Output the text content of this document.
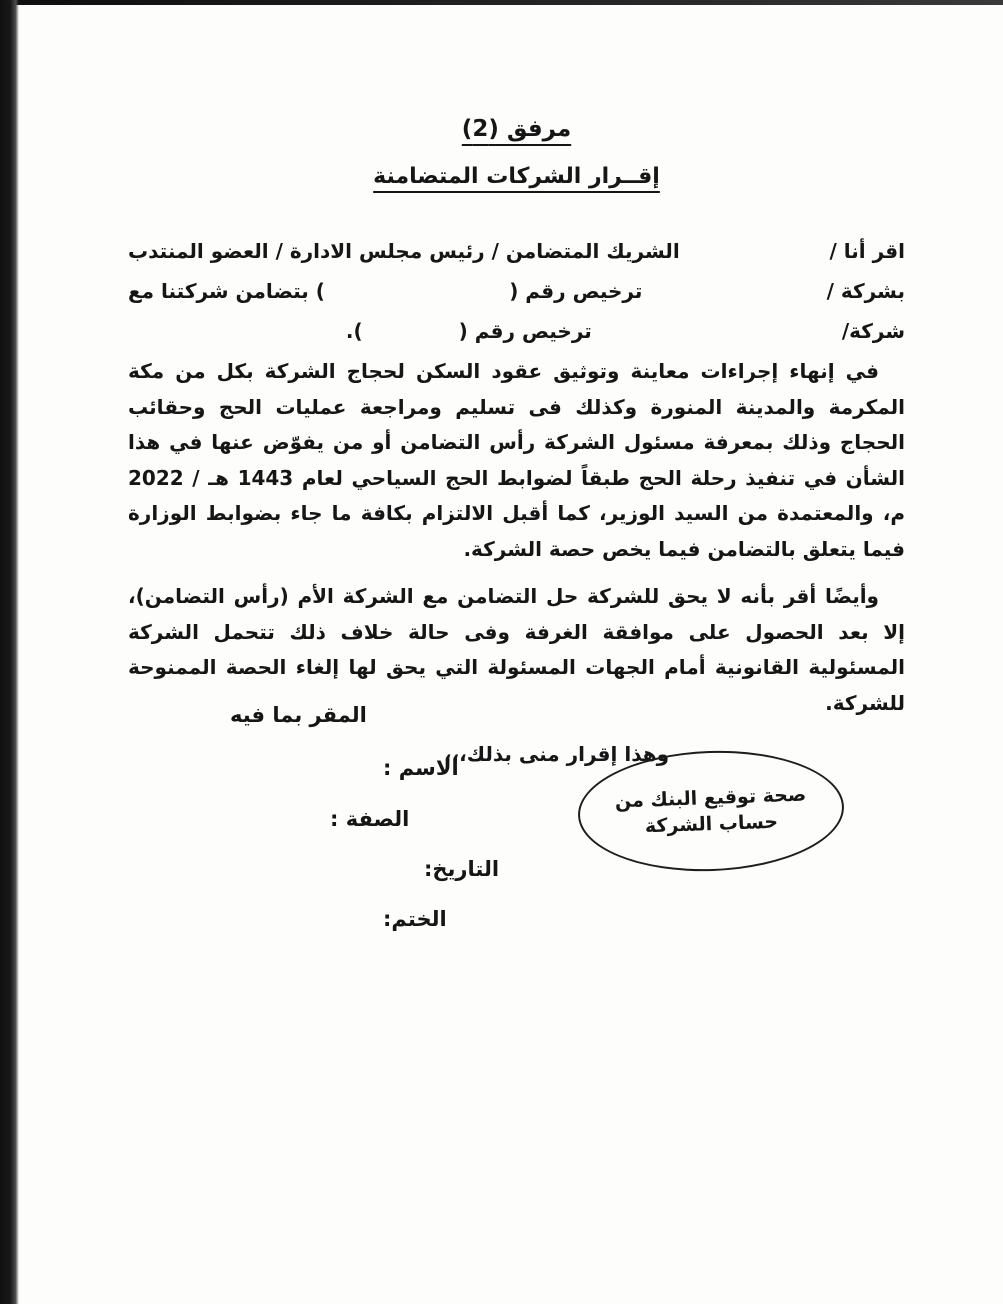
مرفق (2)
إقــرار الشركات المتضامنة
اقر أنا /
الشريك المتضامن / رئيس مجلس الادارة / العضو المنتدب
بشركة /
ترخيص رقم (
) بتضامن شركتنا مع
شركة/
ترخيص رقم (
).

في إنهاء إجراءات معاينة وتوثيق عقود السكن لحجاج الشركة بكل من مكة المكرمة والمدينة المنورة وكذلك فى تسليم ومراجعة عمليات الحج وحقائب الحجاج وذلك بمعرفة مسئول الشركة رأس التضامن أو من يفوّض عنها في هذا الشأن في تنفيذ رحلة الحج طبقاً لضوابط الحج السياحي لعام 1443 هـ / 2022 م، والمعتمدة من السيد الوزير، كما أقبل الالتزام بكافة ما جاء بضوابط الوزارة فيما يتعلق بالتضامن فيما يخص حصة الشركة.

وأيضًا أقر بأنه لا يحق للشركة حل التضامن مع الشركة الأم (رأس التضامن)، إلا بعد الحصول على موافقة الغرفة وفى حالة خلاف ذلك تتحمل الشركة المسئولية القانونية أمام الجهات المسئولة التي يحق لها إلغاء الحصة الممنوحة للشركة.

وهذا إقرار منى بذلك،،،

المقر بما فيه
الاسم :
الصفة :
التاريخ:
الختم:
صحة توقيع البنك من
حساب الشركة
